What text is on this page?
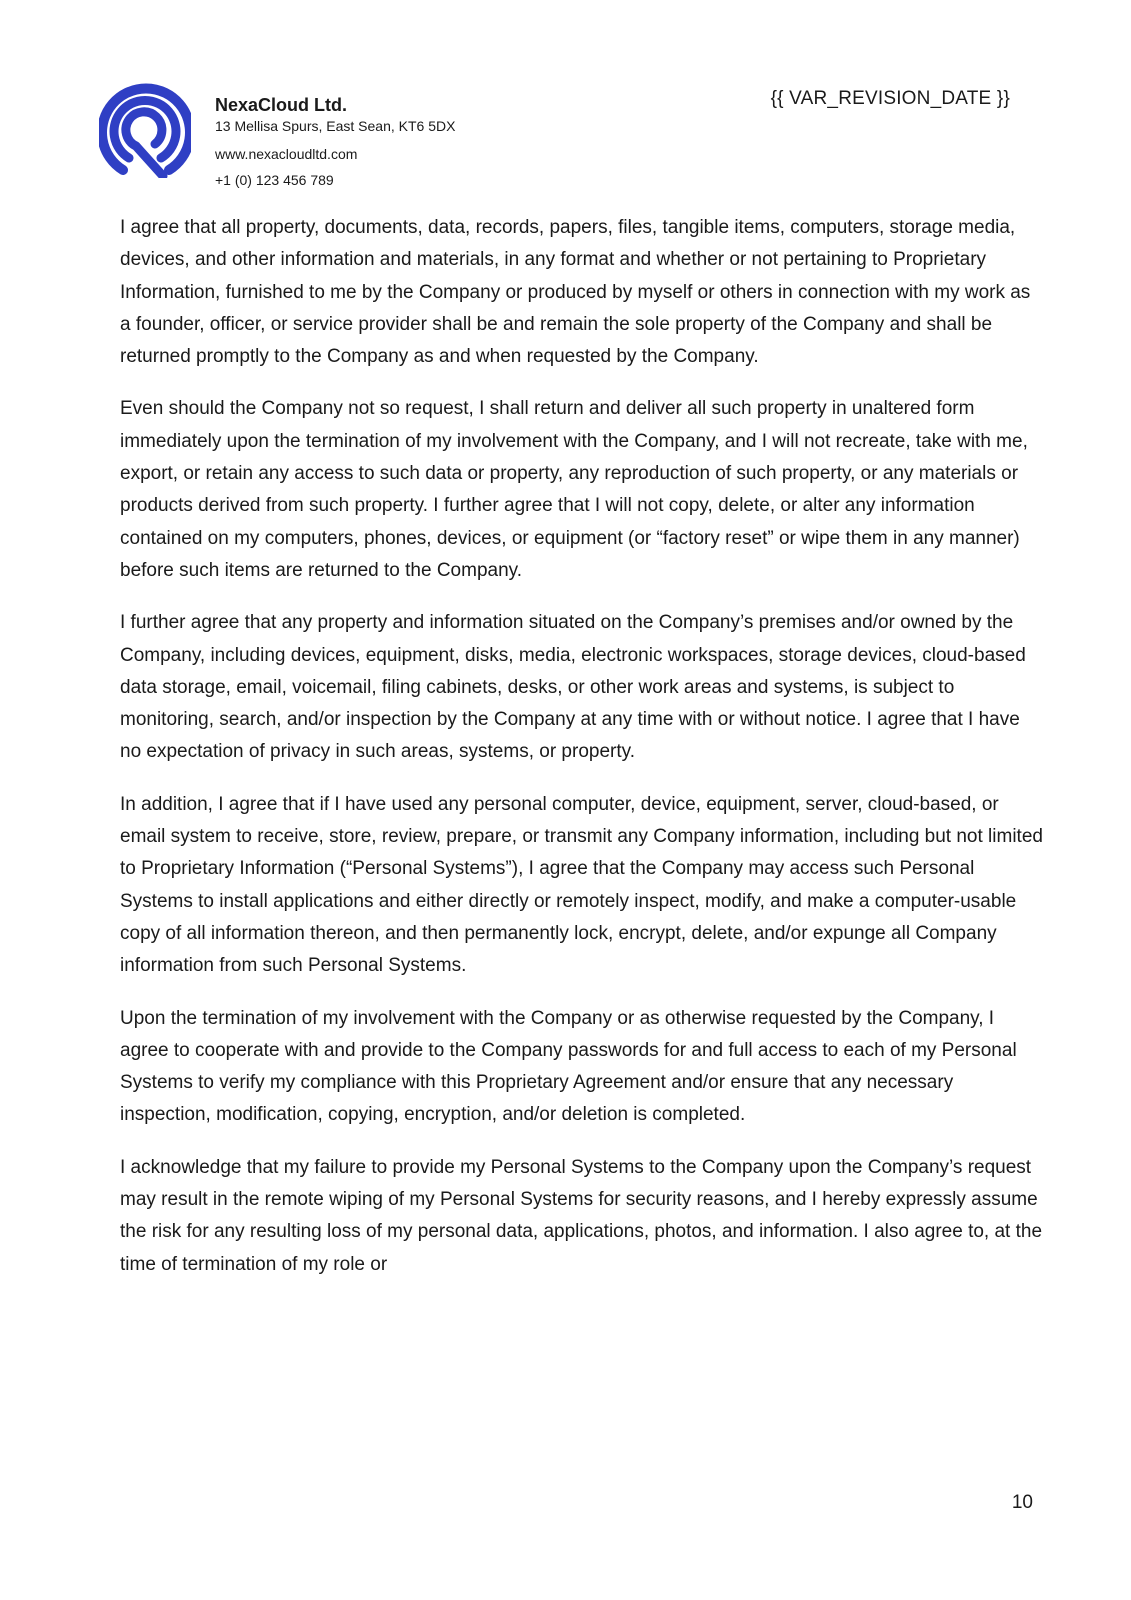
NexaCloud Ltd.

13 Mellisa Spurs, East Sean, KT6 5DX

www.nexacloudltd.com

+1 (0) 123 456 789

{{ VAR_REVISION_DATE }}

I agree that all property, documents, data, records, papers, files, tangible items, computers, storage media, devices, and other information and materials, in any format and whether or not pertaining to Proprietary Information, furnished to me by the Company or produced by myself or others in connection with my work as a founder, officer, or service provider shall be and remain the sole property of the Company and shall be returned promptly to the Company as and when requested by the Company.

Even should the Company not so request, I shall return and deliver all such property in unaltered form immediately upon the termination of my involvement with the Company, and I will not recreate, take with me, export, or retain any access to such data or property, any reproduction of such property, or any materials or products derived from such property. I further agree that I will not copy, delete, or alter any information contained on my computers, phones, devices, or equipment (or “factory reset” or wipe them in any manner) before such items are returned to the Company.

I further agree that any property and information situated on the Company’s premises and/or owned by the Company, including devices, equipment, disks, media, electronic workspaces, storage devices, cloud-based data storage, email, voicemail, filing cabinets, desks, or other work areas and systems, is subject to monitoring, search, and/or inspection by the Company at any time with or without notice. I agree that I have no expectation of privacy in such areas, systems, or property.

In addition, I agree that if I have used any personal computer, device, equipment, server, cloud-based, or email system to receive, store, review, prepare, or transmit any Company information, including but not limited to Proprietary Information (“Personal Systems”), I agree that the Company may access such Personal Systems to install applications and either directly or remotely inspect, modify, and make a computer-usable copy of all information thereon, and then permanently lock, encrypt, delete, and/or expunge all Company information from such Personal Systems.

Upon the termination of my involvement with the Company or as otherwise requested by the Company, I agree to cooperate with and provide to the Company passwords for and full access to each of my Personal Systems to verify my compliance with this Proprietary Agreement and/or ensure that any necessary inspection, modification, copying, encryption, and/or deletion is completed.

I acknowledge that my failure to provide my Personal Systems to the Company upon the Company’s request may result in the remote wiping of my Personal Systems for security reasons, and I hereby expressly assume the risk for any resulting loss of my personal data, applications, photos, and information. I also agree to, at the time of termination of my role or

10
